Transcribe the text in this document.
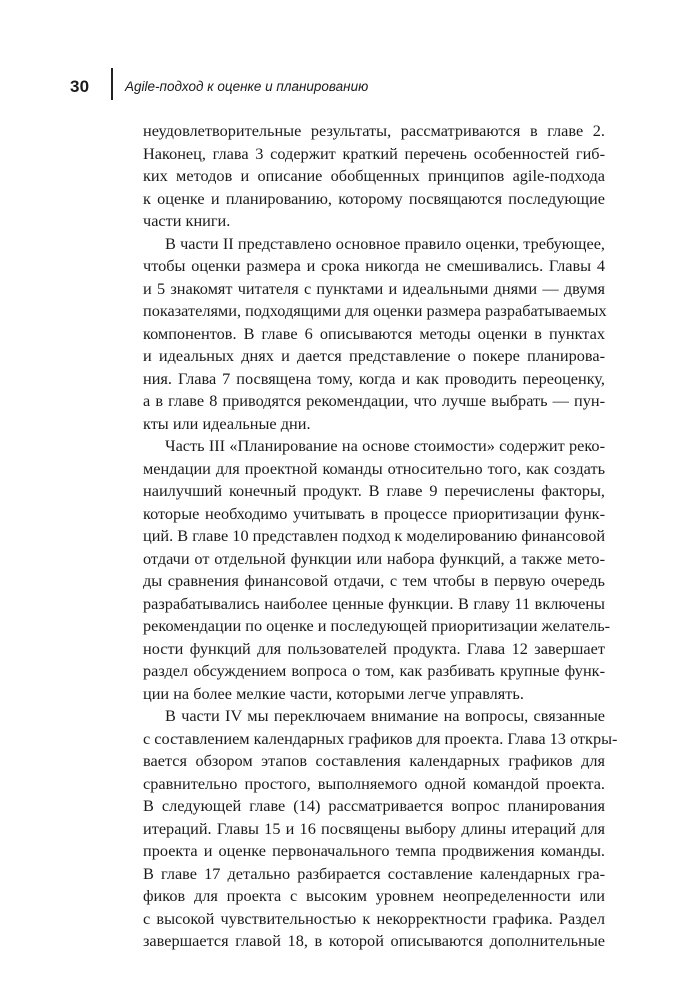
30	Agile-подход к оценке и планированию
неудовлетворительные результаты, рассматриваются в главе 2.
Наконец, глава 3 содержит краткий перечень особенностей гиб-
ких методов и описание обобщенных принципов agile-подхода
к оценке и планированию, которому посвящаются последующие
части книги.
В части II представлено основное правило оценки, требующее,
чтобы оценки размера и срока никогда не смешивались. Главы 4
и 5 знакомят читателя с пунктами и идеальными днями — двумя
показателями, подходящими для оценки размера разрабатываемых
компонентов. В главе 6 описываются методы оценки в пунктах
и идеальных днях и дается представление о покере планирова-
ния. Глава 7 посвящена тому, когда и как проводить переоценку,
а в главе 8 приводятся рекомендации, что лучше выбрать — пун-
кты или идеальные дни.
Часть III «Планирование на основе стоимости» содержит реко-
мендации для проектной команды относительно того, как создать
наилучший конечный продукт. В главе 9 перечислены факторы,
которые необходимо учитывать в процессе приоритизации функ-
ций. В главе 10 представлен подход к моделированию финансовой
отдачи от отдельной функции или набора функций, а также мето-
ды сравнения финансовой отдачи, с тем чтобы в первую очередь
разрабатывались наиболее ценные функции. В главу 11 включены
рекомендации по оценке и последующей приоритизации желатель-
ности функций для пользователей продукта. Глава 12 завершает
раздел обсуждением вопроса о том, как разбивать крупные функ-
ции на более мелкие части, которыми легче управлять.
В части IV мы переключаем внимание на вопросы, связанные
с составлением календарных графиков для проекта. Глава 13 откры-
вается обзором этапов составления календарных графиков для
сравнительно простого, выполняемого одной командой проекта.
В следующей главе (14) рассматривается вопрос планирования
итераций. Главы 15 и 16 посвящены выбору длины итераций для
проекта и оценке первоначального темпа продвижения команды.
В главе 17 детально разбирается составление календарных гра-
фиков для проекта с высоким уровнем неопределенности или
с высокой чувствительностью к некорректности графика. Раздел
завершается главой 18, в которой описываются дополнительные
